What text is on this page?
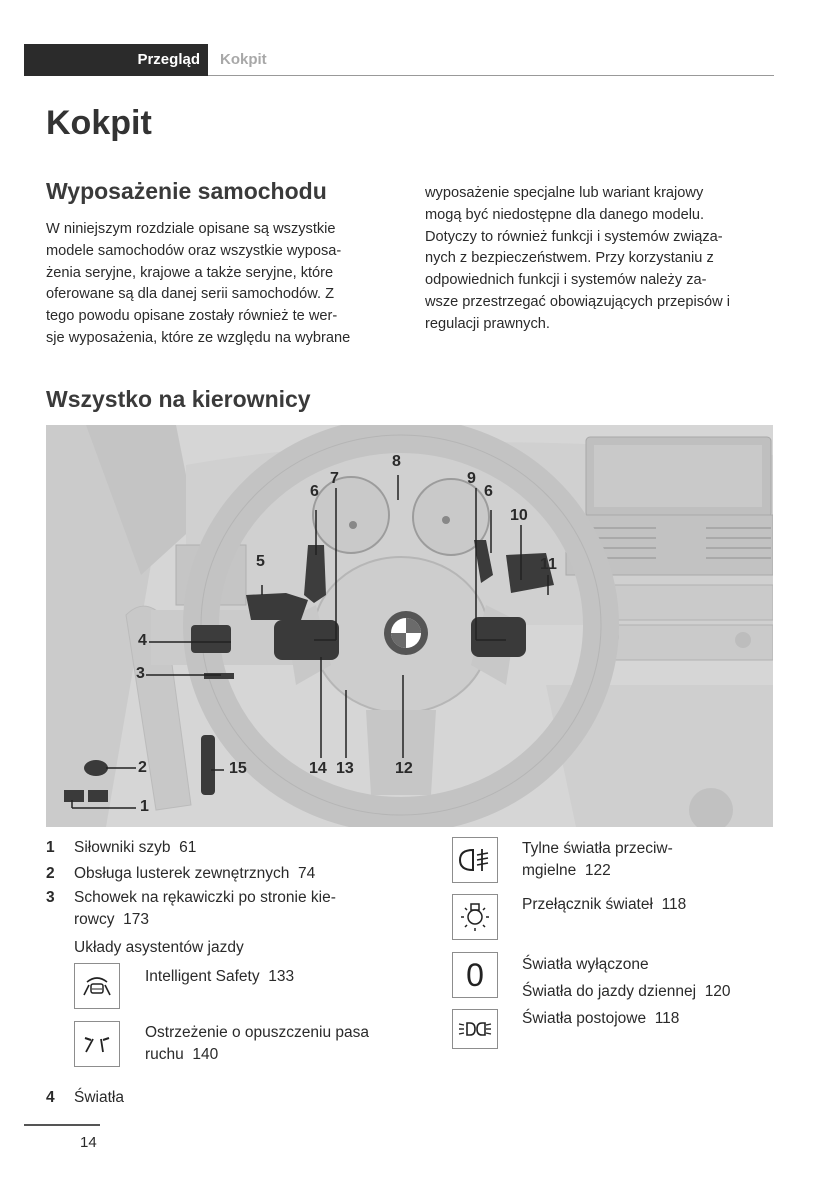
Przegląd	Kokpit
Kokpit
Wyposażenie samochodu
W niniejszym rozdziale opisane są wszystkie
modele samochodów oraz wszystkie wyposa-
żenia seryjne, krajowe a także seryjne, które
oferowane są dla danej serii samochodów. Z
tego powodu opisane zostały również te wer-
sje wyposażenia, które ze względu na wybrane
wyposażenie specjalne lub wariant krajowy
mogą być niedostępne dla danego modelu.
Dotyczy to również funkcji i systemów związa-
nych z bezpieczeństwem. Przy korzystaniu z
odpowiednich funkcji i systemów należy za-
wsze przestrzegać obowiązujących przepisów i
regulacji prawnych.
Wszystko na kierownicy
1
2
3
4
5
6
7
8
9
6
10
11
12
13
14
15
1	Siłowniki szyb 61
2	Obsługa lusterek zewnętrznych 74
3	Schowek na rękawiczki po stronie kie-
rowcy 173
Układy asystentów jazdy
Intelligent Safety 133
Ostrzeżenie o opuszczeniu pasa
ruchu 140
4	Światła
Tylne światła przeciw-
mgielne 122
Przełącznik świateł 118
0 Światła wyłączone
Światła do jazdy dziennej 120
Światła postojowe 118
14
